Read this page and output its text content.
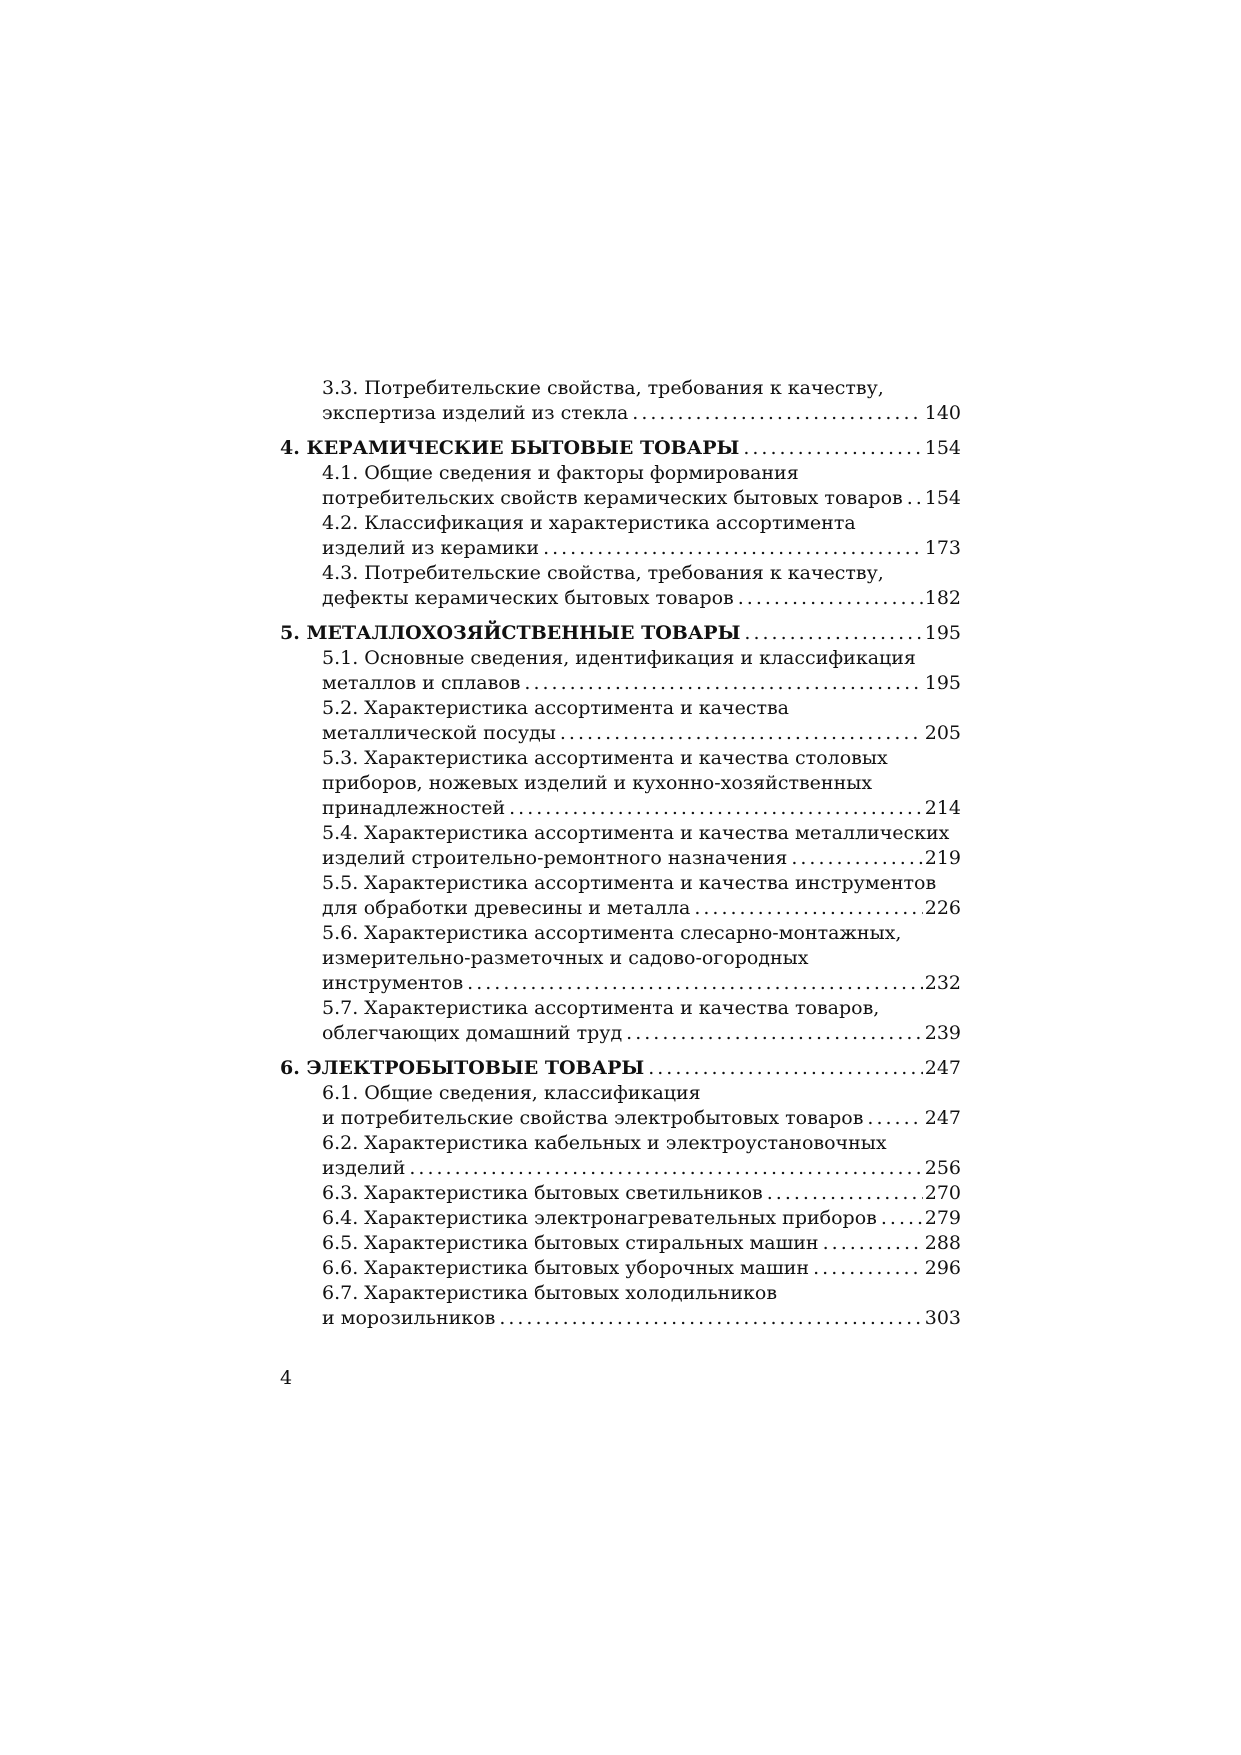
3.3. Потребительские свойства, требования к качеству,
экспертиза изделий из стекла .....	140
4. КЕРАМИЧЕСКИЕ БЫТОВЫЕ ТОВАРЫ .....	154
4.1. Общие сведения и факторы формирования
потребительских свойств керамических бытовых товаров ..... 154
4.2. Классификация и характеристика ассортимента
изделий из керамики .....	173
4.3. Потребительские свойства, требования к качеству,
дефекты керамических бытовых товаров .....	182
5. МЕТАЛЛОХОЗЯЙСТВЕННЫЕ ТОВАРЫ .....	195
5.1. Основные сведения, идентификация и классификация
металлов и сплавов .....	195
5.2. Характеристика ассортимента и качества
металлической посуды .....	205
5.3. Характеристика ассортимента и качества столовых
приборов, ножевых изделий и кухонно-хозяйственных
принадлежностей .....	214
5.4. Характеристика ассортимента и качества металлических
изделий строительно-ремонтного назначения .....	219
5.5. Характеристика ассортимента и качества инструментов
для обработки древесины и металла .....	226
5.6. Характеристика ассортимента слесарно-монтажных,
измерительно-разметочных и садово-огородных
инструментов .....	232
5.7. Характеристика ассортимента и качества товаров,
облегчающих домашний труд .....	239
6. ЭЛЕКТРОБЫТОВЫЕ ТОВАРЫ .....	247
6.1. Общие сведения, классификация
и потребительские свойства электробытовых товаров .....	247
6.2. Характеристика кабельных и электроустановочных
изделий .....	256
6.3. Характеристика бытовых светильников .....	270
6.4. Характеристика электронагревательных приборов .....	279
6.5. Характеристика бытовых стиральных машин .....	288
6.6. Характеристика бытовых уборочных машин .....	296
6.7. Характеристика бытовых холодильников
и морозильников .....	303
4
